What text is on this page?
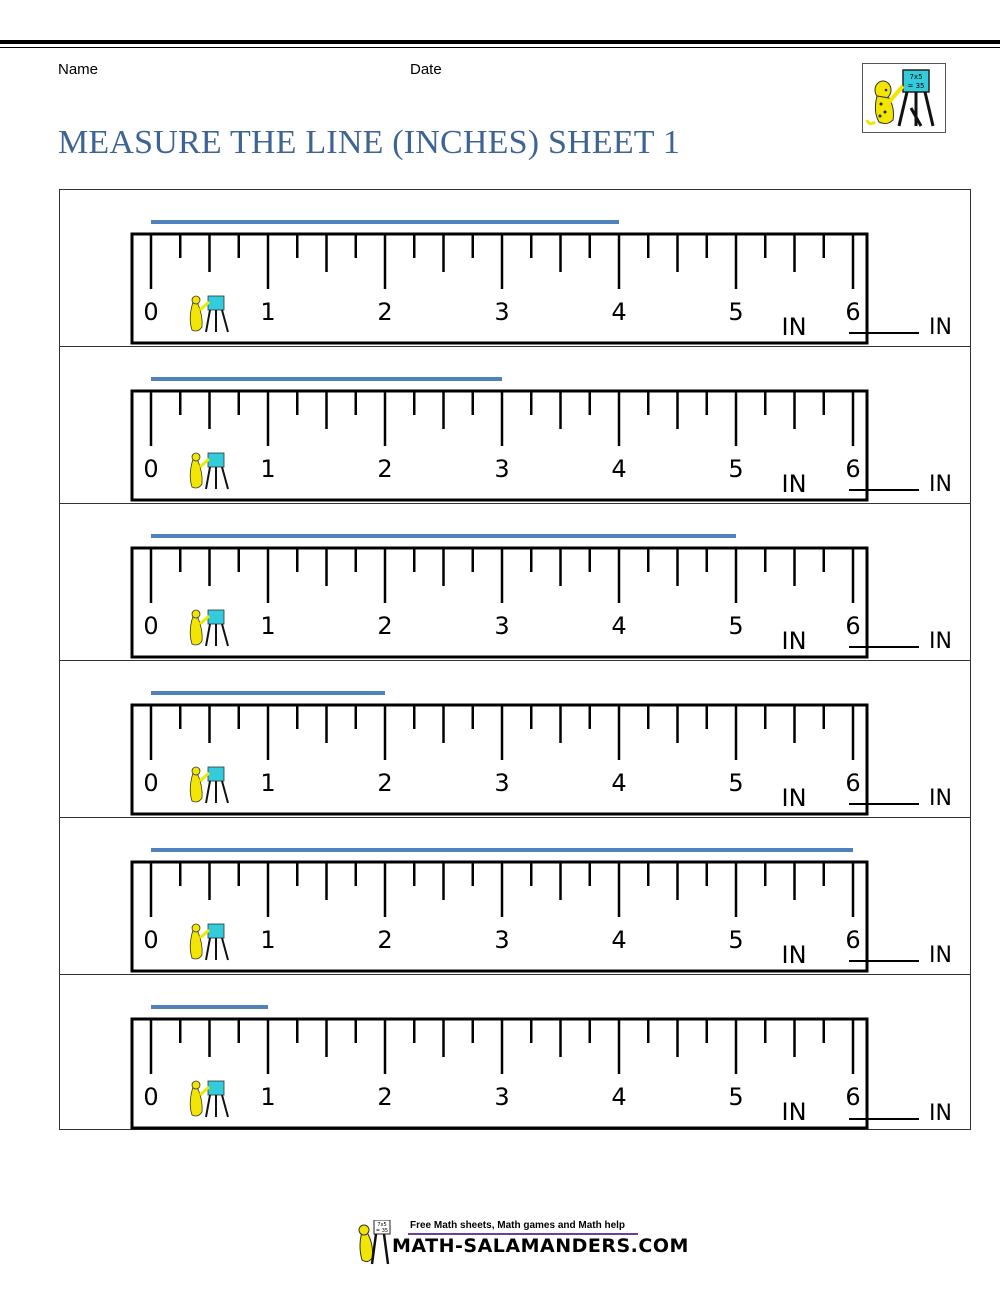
Name	Date	7x5
= 35
MEASURE THE LINE (INCHES) SHEET 1
0	1	2	3	4	5	6
IN	IN
0	1	2	3	4	5	6
IN	IN
0	1	2	3	4	5	6
IN	IN
0	1	2	3	4	5	6
IN	IN
0	1	2	3	4	5	6
IN	IN
0	1	2	3	4	5	6
IN	IN
7x5
= 35 Free Math sheets, Math games and Math help
MATH-SALAMANDERS.COM
